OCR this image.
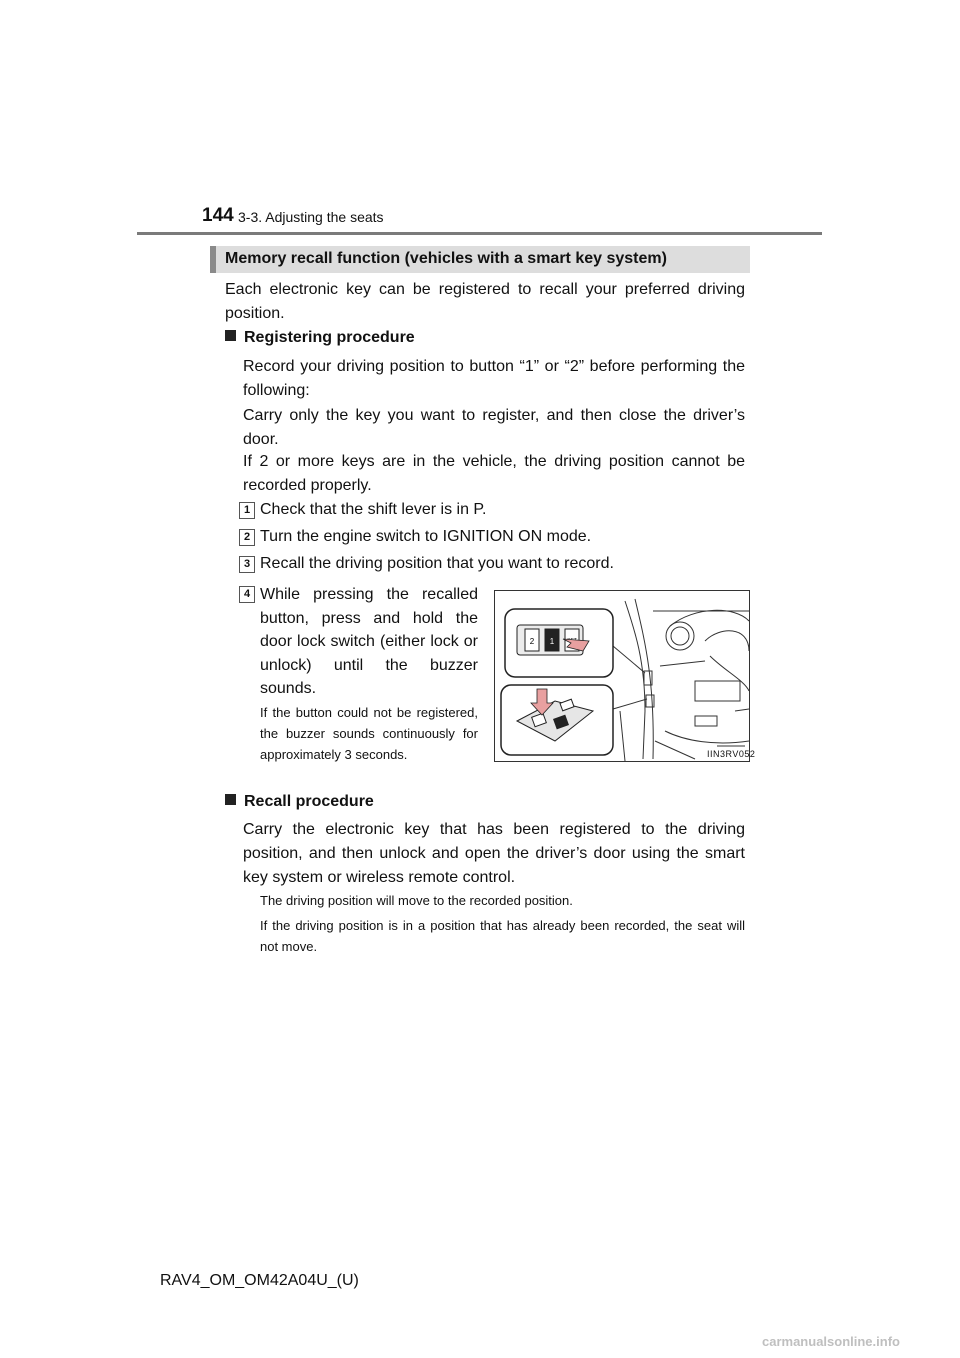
144 3-3. Adjusting the seats
Memory recall function (vehicles with a smart key system)
Each electronic key can be registered to recall your preferred driving position.
Registering procedure
Record your driving position to button “1” or “2” before performing the following:
Carry only the key you want to register, and then close the driver’s door.
If 2 or more keys are in the vehicle, the driving position cannot be recorded properly.
1 Check that the shift lever is in P.
2 Turn the engine switch to IGNITION ON mode.
3 Recall the driving position that you want to record.
4 While pressing the recalled button, press and hold the door lock switch (either lock or unlock) until the buzzer sounds.
If the button could not be registered, the buzzer sounds continuously for approximately 3 seconds.
2 1
IIN3RV052
Recall procedure
Carry the electronic key that has been registered to the driving position, and then unlock and open the driver’s door using the smart key system or wireless remote control.
The driving position will move to the recorded position.
If the driving position is in a position that has already been recorded, the seat will not move.
RAV4_OM_OM42A04U_(U)
carmanualsonline.info
